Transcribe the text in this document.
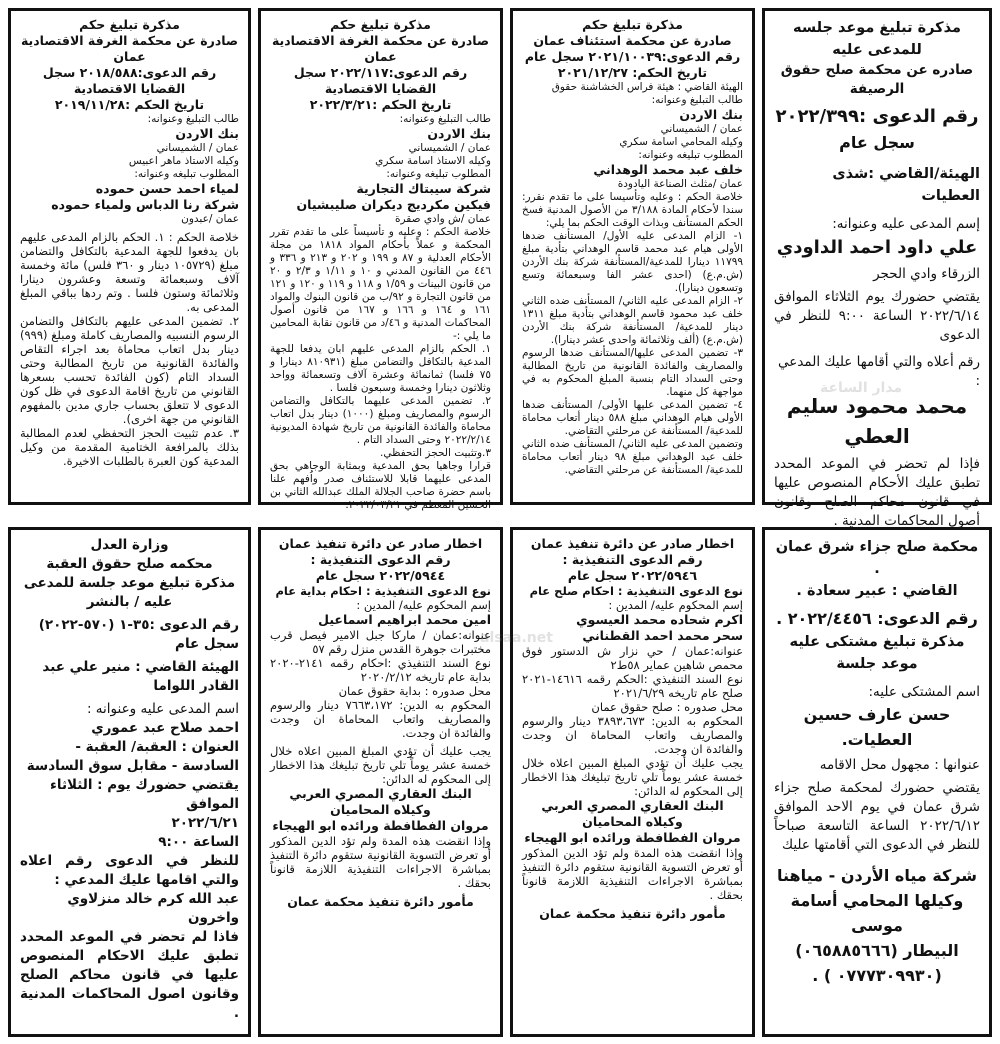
مذكرة تبليغ موعد جلسه للمدعى عليه

صادره عن محكمة صلح حقوق الرصيفة

رقم الدعوى :٢٠٢٢/٣٩٩

سجل عام

الهيئة/القاضي :شذى العطيات

إسم المدعى عليه وعنوانه:

علي داود احمد الداودي

الزرقاء وادي الحجر

يقتضي حضورك يوم الثلاثاء الموافق ٢٠٢٢/٦/١٤ الساعة ٩:٠٠ للنظر في الدعوى

رقم أعلاه والتي أقامها عليك المدعي :

محمد محمود سليم العطي

فإذا لم تحضر في الموعد المحدد تطبق عليك الأحكام المنصوص عليها في قانون محاكم الصلح وقانون أصول المحاكمات المدنية .

مذكرة تبليغ حكم

صادرة عن محكمة استئناف عمان

رقم الدعوى:٢٠٢١/١٠٠٣٩ سجل عام

تاريخ الحكم: ٢٠٢١/١٢/٢٧

الهيئة القاضي : هيئة فراس الخشاشنة حقوق

طالب التبليغ وعنوانه:

بنك الاردن

عمان / الشميساني

وكيله المحامي اسامة سكري

المطلوب تبليغه وعنوانه:

خلف عبد محمد الوهداني

عمان /مثلث الصناعة اليادودة

خلاصة الحكم : وعليه وتأسيسا على ما تقدم نقرر: سندا لأحكام المادة ٣/١٨٨ من الأصول المدنية فسخ الحكم المستأنف وبذات الوقت الحكم بما يلي:

١- الزام المدعى عليه الأول/ المستأنف ضدها الأولى هيام عبد محمد قاسم الوهداني بتأدية مبلغ ١١٧٩٩ دينارا للمدعية/المستأنفة شركة بنك الأردن (ش.م.ع) (احدى عشر الفا وسبعمائة وتسع وتسعون دينارا).

٢- الزام المدعى عليه الثاني/ المستأنف ضده الثاني خلف عبد محمود قاسم الوهداني بتأدية مبلغ ١٣١١ دينار للمدعية/ المستأنفة شركة بنك الأردن (ش.م.ع) (ألف وثلاثمائة واحدى عشر دينارا).

٣- تضمين المدعى عليها/المستأنف ضدها الرسوم والمصاريف والفائدة القانونية من تاريخ المطالبة وحتى السداد التام بنسبة المبلغ المحكوم به في مواجهة كل منهما.

٤- تضمين المدعى عليها الأولى/ المستأنف ضدها الأولى هيام الوهداني مبلغ ٥٨٨ دينار أتعاب محاماة للمدعية/ المستأنفة عن مرحلتي التقاضي.

وتضمين المدعى عليه الثاني/ المستأنف ضده الثاني خلف عبد الوهداني مبلغ ٩٨ دينار أتعاب محاماة للمدعية/ المستأنفة عن مرحلتي التقاضي.

مذكرة تبليغ حكم

صادرة عن محكمة الغرفة الاقتصادية عمان

رقم الدعوى:٢٠٢٢/١١٧ سجل القضايا الاقتصادية

تاريخ الحكم :٢٠٢٢/٣/٢١

طالب التبليغ وعنوانه:

بنك الاردن

عمان / الشميساني

وكيله الاستاذ اسامة سكري

المطلوب تبليغه وعنوانه:

شركة سيبتاك التجارية

فيكين مكرديج ديكران صليبشيان

عمان /ش وادي صقرة

خلاصة الحكم : وعليه و تأسيساً على ما تقدم تقرر المحكمة و عملاً بأحكام المواد ١٨١٨ من مجلة الأحكام العدلية و ٨٧ و ١٩٩ و ٢٠٢ و ٢١٣ و ٣٣٦ و ٤٤٦ من القانون المدني و ١٠ و ١/١١ و ٢/٣ و ٢٠ من قانون البينات و ١/٥٩ و ١١٨ و ١١٩ و ١٢٠ و ١٢١ من قانون التجارة و ٩٢/ب من قانون البنوك والمواد ١٦١ و ١٦٤ و ١٦٦ و ١٦٧ من قانون أصول المحاكمات المدنية و ٤٦/د من قانون نقابة المحامين ما يلي :-

١. الحكم بالزام المدعى عليهم ابان يدفعا للجهة المدعية بالتكافل والتضامن مبلغ (٨١٠٩٣١ دينارا و ٧٥ فلسا) ثمانمائة وعشرة آلاف وتسعمائة وواحد وثلاثون دينارا وخمسة وسبعون فلسا .

٢. تضمين المدعى عليهما بالتكافل والتضامن الرسوم والمصاريف ومبلغ (١٠٠٠) دينار بدل اتعاب محاماة والفائدة القانونية من تاريخ شهادة المديونية ٢٠٢٢/٢/١٤ وحتى السداد التام .

٣.وتثبيت الحجز التحفظي.

قرارا وجاهيا بحق المدعية وبمثابة الوجاهي بحق المدعى عليهما قابلا للاستئناف صدر واُفهم علنا باسم حضرة صاحب الجلالة الملك عبدالله الثاني بن الحسين المعظم في ٢٠٢٢/٠٣/٢١.

مذكرة تبليغ حكم

صادرة عن محكمة الغرفة الاقتصادية عمان

رقم الدعوى:٢٠١٨/٥٨٨ سجل القضايا الاقتصادية

تاريخ الحكم :٢٠١٩/١١/٢٨

طالب التبليغ وعنوانه:

بنك الاردن

عمان / الشميساني

وكيله الاستاذ ماهر اعبيس

المطلوب تبليغه وعنوانه:

لمياء احمد حسن حموده

شركة رنا الدباس ولمياء حموده

عمان /عبدون

خلاصة الحكم : ١. الحكم بالزام المدعى عليهم بان يدفعوا للجهة المدعية بالتكافل والتضامن مبلغ (١٠٥٧٢٩ دينار و ٣٦٠ فلس) مائة وخمسة آلاف وسبعمائة وتسعة وعشرون دينارا وثلاثمائة وستون فلسا . وتم ردها بباقي المبلغ المدعى به.

٢. تضمين المدعى عليهم بالتكافل والتضامن الرسوم النسبيه والمصاريف كاملة ومبلغ (٩٩٩) دينار بدل اتعاب محاماة بعد اجراء التقاص والفائدة القانونية من تاريخ المطالبة وحتى السداد التام (كون الفائدة تحسب بسعرها القانوني من تاريخ اقامة الدعوى في ظل كون الدعوى لا تتعلق بحساب جاري مدين بالمفهوم القانوني من جهة اخرى).

٣. عدم تثبيت الحجز التحفظي لعدم المطالبة بذلك بالمرافعة الختامية المقدمة من وكيل المدعية كون العبرة بالطلبات الاخيرة.

محكمة صلح جزاء شرق عمان .

القاضي : عبير سعادة .

رقم الدعوى: ٢٠٢٢/٤٤٥٦ .

مذكرة تبليغ مشتكى عليه موعد جلسة

اسم المشتكى عليه:

حسن عارف حسين العطيات.

عنوانها : مجهول محل الاقامه

يقتضي حضورك لمحكمة صلح جزاء شرق عمان في يوم الاحد الموافق ٢٠٢٢/٦/١٢ الساعة التاسعة صباحاً للنظر في الدعوى التي أقامتها عليك

شركة مياه الأردن - مياهنا

وكيلها المحامي أسامة موسى

البيطار (٠٦٥٨٨٥٦٦٦)

(٠٧٧٧٣٠٩٩٣٠ ) .

اخطار صادر عن دائرة تنفيذ عمان

رقم الدعوى التنفيذية :

٢٠٢٢/٥٩٤٦ سجل عام

نوع الدعوى التنفيذية : احكام صلح عام

إسم المحكوم عليه/ المدين :

اكرم شحاده محمد العيسوي

سحر محمد احمد القطناني

عنوانه:عمان / حي نزار ش الدستور فوق محمص شاهين عماير ٥٨ط٢

نوع السند التنفيذي :الحكم رقمه ١٤٦١٦-٢٠٢١ صلح عام تاريخه ٢٠٢١/٦/٢٩

محل صدوره : صلح حقوق عمان

المحكوم به الدين: ٣٨٩٣،٦٧٣ دينار والرسوم والمصاريف واتعاب المحاماة ان وجدت والفائدة ان وجدت.

يجب عليك أن تؤدي المبلغ المبين اعلاه خلال خمسة عشر يوماً تلي تاريخ تبليغك هذا الاخطار إلى المحكوم له الدائن:

البنك العقاري المصري العربي

وكيلاه المحاميان

مروان الفطافطة ورائده ابو الهيجاء

وإذا انقضت هذه المدة ولم تؤد الدين المذكور أو تعرض التسوية القانونية ستقوم دائرة التنفيذ بمباشرة الاجراءات التنفيذية اللازمة قانوناً بحقك .

مأمور دائرة تنفيذ محكمة عمان

اخطار صادر عن دائرة تنفيذ عمان

رقم الدعوى التنفيذية :

٢٠٢٢/٥٩٤٤ سجل عام

نوع الدعوى التنفيذية : احكام بداية عام

إسم المحكوم عليه/ المدين :

امين محمد ابراهيم اسماعيل

عنوانه:عمان / ماركا جبل الامير فيصل قرب مختبرات جوهرة القدس منزل رقم ٥٧

نوع السند التنفيذي :احكام رقمه ٢١٤١-٢٠٢٠ بداية عام تاريخه ٢٠٢٠/٢/١٢

محل صدوره : بداية حقوق عمان

المحكوم به الدين: ٧٦٦٣،١٧٢ دينار والرسوم والمصاريف واتعاب المحاماة ان وجدت والفائدة ان وجدت.

يجب عليك أن تؤدي المبلغ المبين اعلاه خلال خمسة عشر يوماً تلي تاريخ تبليغك هذا الاخطار إلى المحكوم له الدائن:

البنك العقاري المصري العربي

وكيلاه المحاميان

مروان الفطافطة ورائده ابو الهيجاء

وإذا انقضت هذه المدة ولم تؤد الدين المذكور أو تعرض التسوية القانونية ستقوم دائرة التنفيذ بمباشرة الاجراءات التنفيذية اللازمة قانوناً بحقك .

مأمور دائرة تنفيذ محكمة عمان

وزارة العدل

محكمه صلح حقوق العقبة

مذكرة تبليغ موعد جلسة للمدعى عليه / بالنشر

رقم الدعوى :٣٥-١ (٥٧٠-٢٠٢٢)

سجل عام

الهيئة القاضي : منير علي عبد القادر اللواما

اسم المدعى عليه وعنوانه :

احمد صلاح عبد عموري

العنوان : العقبة/ العقبة - السادسة - مقابل سوق السادسة

يقتضي حضورك يوم : الثلاثاء الموافق

٢٠٢٢/٦/٢١

الساعة ٩:٠٠

للنظر في الدعوى رقم اعلاه والتي اقامها عليك المدعي :

عبد الله كرم خالد منزلاوي واخرون

فاذا لم تحضر في الموعد المحدد تطبق عليك الاحكام المنصوص عليها في قانون محاكم الصلح وقانون اصول المحاكمات المدنية .

مدار الساعة
alsaa.net
